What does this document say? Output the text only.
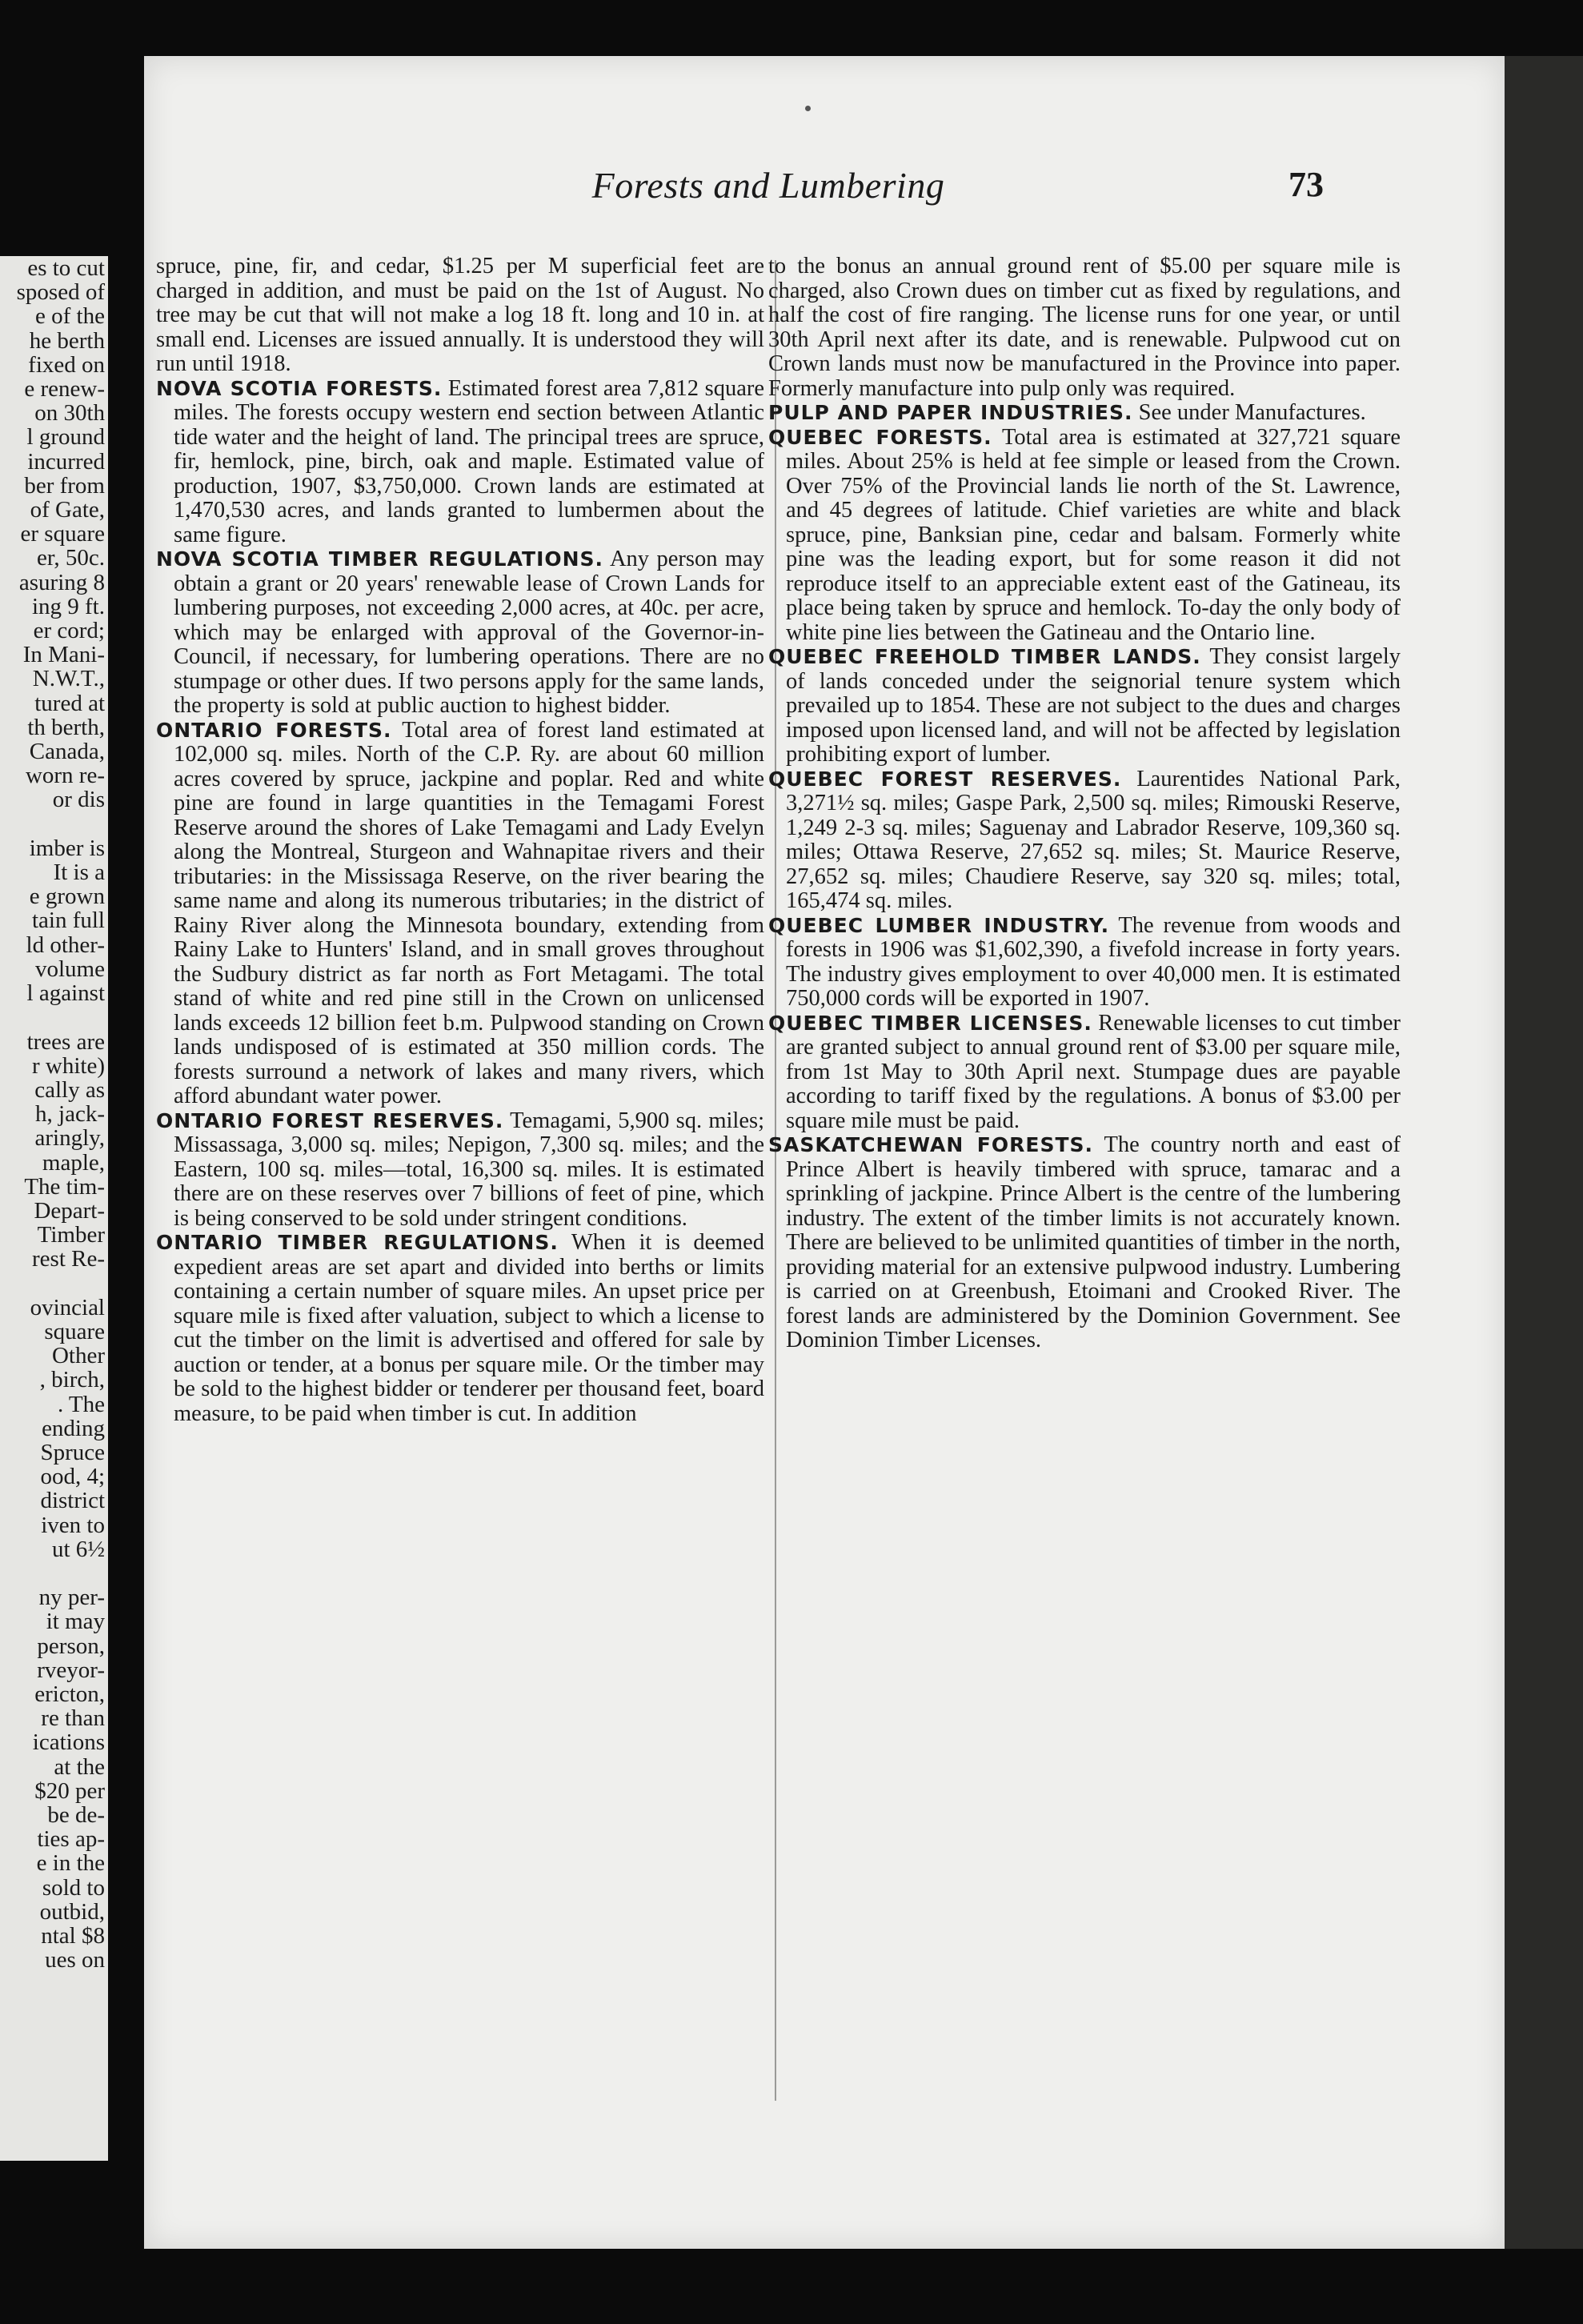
es to cut
sposed of
e of the
he berth
fixed on
e renew-
on 30th
l ground
incurred
ber from
of Gate,
er square
er, 50c.
asuring 8
ing 9 ft.
er cord;
In Mani-
N.W.T.,
tured at
th berth,
Canada,
worn re-
or dis

imber is
It is a
e grown
tain full
ld other-
volume
l against

trees are
r white)
cally as
h, jack-
aringly,
maple,
The tim-
Depart-
Timber
rest Re-

ovincial
square
Other
, birch,
. The
ending
Spruce
ood, 4;
district
iven to
ut 6½

ny per-
it may
person,
rveyor-
ericton,
re than
ications
at the
$20 per
be de-
ties ap-
e in the
sold to
outbid,
ntal $8
ues on
Forests and Lumbering	73

spruce, pine, fir, and cedar, $1.25 per M superficial feet are charged in addition, and must be paid on the 1st of August. No tree may be cut that will not make a log 18 ft. long and 10 in. at small end. Licenses are issued annually. It is understood they will run until 1918.

NOVA SCOTIA FORESTS. Estimated forest area 7,812 square miles. The forests occupy western end section between Atlantic tide water and the height of land. The principal trees are spruce, fir, hemlock, pine, birch, oak and maple. Estimated value of production, 1907, $3,750,000. Crown lands are estimated at 1,470,530 acres, and lands granted to lumbermen about the same figure.

NOVA SCOTIA TIMBER REGULATIONS. Any person may obtain a grant or 20 years' renewable lease of Crown Lands for lumbering purposes, not exceeding 2,000 acres, at 40c. per acre, which may be enlarged with approval of the Governor-in-Council, if necessary, for lumbering operations. There are no stumpage or other dues. If two persons apply for the same lands, the property is sold at public auction to highest bidder.

ONTARIO FORESTS. Total area of forest land estimated at 102,000 sq. miles. North of the C.P. Ry. are about 60 million acres covered by spruce, jackpine and poplar. Red and white pine are found in large quantities in the Temagami Forest Reserve around the shores of Lake Temagami and Lady Evelyn along the Montreal, Sturgeon and Wahnapitae rivers and their tributaries: in the Mississaga Reserve, on the river bearing the same name and along its numerous tributaries; in the district of Rainy River along the Minnesota boundary, extending from Rainy Lake to Hunters' Island, and in small groves throughout the Sudbury district as far north as Fort Metagami. The total stand of white and red pine still in the Crown on unlicensed lands exceeds 12 billion feet b.m. Pulpwood standing on Crown lands undisposed of is estimated at 350 million cords. The forests surround a network of lakes and many rivers, which afford abundant water power.

ONTARIO FOREST RESERVES. Temagami, 5,900 sq. miles; Missassaga, 3,000 sq. miles; Nepigon, 7,300 sq. miles; and the Eastern, 100 sq. miles—total, 16,300 sq. miles. It is estimated there are on these reserves over 7 billions of feet of pine, which is being conserved to be sold under stringent conditions.

ONTARIO TIMBER REGULATIONS. When it is deemed expedient areas are set apart and divided into berths or limits containing a certain number of square miles. An upset price per square mile is fixed after valuation, subject to which a license to cut the timber on the limit is advertised and offered for sale by auction or tender, at a bonus per square mile. Or the timber may be sold to the highest bidder or tenderer per thousand feet, board measure, to be paid when timber is cut. In addition

to the bonus an annual ground rent of $5.00 per square mile is charged, also Crown dues on timber cut as fixed by regulations, and half the cost of fire ranging. The license runs for one year, or until 30th April next after its date, and is renewable. Pulpwood cut on Crown lands must now be manufactured in the Province into paper. Formerly manufacture into pulp only was required.

PULP AND PAPER INDUSTRIES. See under Manufactures.

QUEBEC FORESTS. Total area is estimated at 327,721 square miles. About 25% is held at fee simple or leased from the Crown. Over 75% of the Provincial lands lie north of the St. Lawrence, and 45 degrees of latitude. Chief varieties are white and black spruce, pine, Banksian pine, cedar and balsam. Formerly white pine was the leading export, but for some reason it did not reproduce itself to an appreciable extent east of the Gatineau, its place being taken by spruce and hemlock. To-day the only body of white pine lies between the Gatineau and the Ontario line.

QUEBEC FREEHOLD TIMBER LANDS. They consist largely of lands conceded under the seignorial tenure system which prevailed up to 1854. These are not subject to the dues and charges imposed upon licensed land, and will not be affected by legislation prohibiting export of lumber.

QUEBEC FOREST RESERVES. Laurentides National Park, 3,271½ sq. miles; Gaspe Park, 2,500 sq. miles; Rimouski Reserve, 1,249 2-3 sq. miles; Saguenay and Labrador Reserve, 109,360 sq. miles; Ottawa Reserve, 27,652 sq. miles; St. Maurice Reserve, 27,652 sq. miles; Chaudiere Reserve, say 320 sq. miles; total, 165,474 sq. miles.

QUEBEC LUMBER INDUSTRY. The revenue from woods and forests in 1906 was $1,602,390, a fivefold increase in forty years. The industry gives employment to over 40,000 men. It is estimated 750,000 cords will be exported in 1907.

QUEBEC TIMBER LICENSES. Renewable licenses to cut timber are granted subject to annual ground rent of $3.00 per square mile, from 1st May to 30th April next. Stumpage dues are payable according to tariff fixed by the regulations. A bonus of $3.00 per square mile must be paid.

SASKATCHEWAN FORESTS. The country north and east of Prince Albert is heavily timbered with spruce, tamarac and a sprinkling of jackpine. Prince Albert is the centre of the lumbering industry. The extent of the timber limits is not accurately known. There are believed to be unlimited quantities of timber in the north, providing material for an extensive pulpwood industry. Lumbering is carried on at Greenbush, Etoimani and Crooked River. The forest lands are administered by the Dominion Government. See Dominion Timber Licenses.
